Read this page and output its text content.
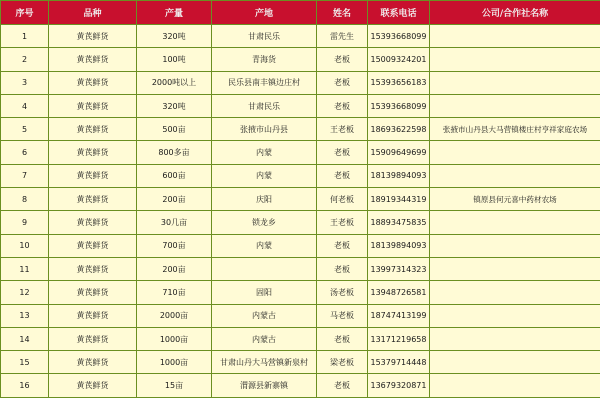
序号	品种	产量	产地	姓名	联系电话	公司/合作社名称
1	黄芪鲜货	320吨	甘肃民乐	雷先生	15393668099	
2	黄芪鲜货	100吨	青海货	老板	15009324201	
3	黄芪鲜货	2000吨以上	民乐县南丰镇边庄村	老板	15393656183	
4	黄芪鲜货	320吨	甘肃民乐	老板	15393668099	
5	黄芪鲜货	500亩	张掖市山丹县	王老板	18693622598	张掖市山丹县大马营镇楼庄村亨祥家庭农场
6	黄芪鲜货	800多亩	内蒙	老板	15909649699	
7	黄芪鲜货	600亩	内蒙	老板	18139894093	
8	黄芪鲜货	200亩	庆阳	何老板	18919344319	镇原县何元喜中药材农场
9	黄芪鲜货	30几亩	锁龙乡	王老板	18893475835	
10	黄芪鲜货	700亩	内蒙	老板	18139894093	
11	黄芪鲜货	200亩		老板	13997314323	
12	黄芪鲜货	710亩	固阳	汤老板	13948726581	
13	黄芪鲜货	2000亩	内蒙古	马老板	18747413199	
14	黄芪鲜货	1000亩	内蒙古	老板	13171219658	
15	黄芪鲜货	1000亩	甘肃山丹大马营镇新泉村	梁老板	15379714448	
16	黄芪鲜货	15亩	渭源县新寨镇	老板	13679320871	
